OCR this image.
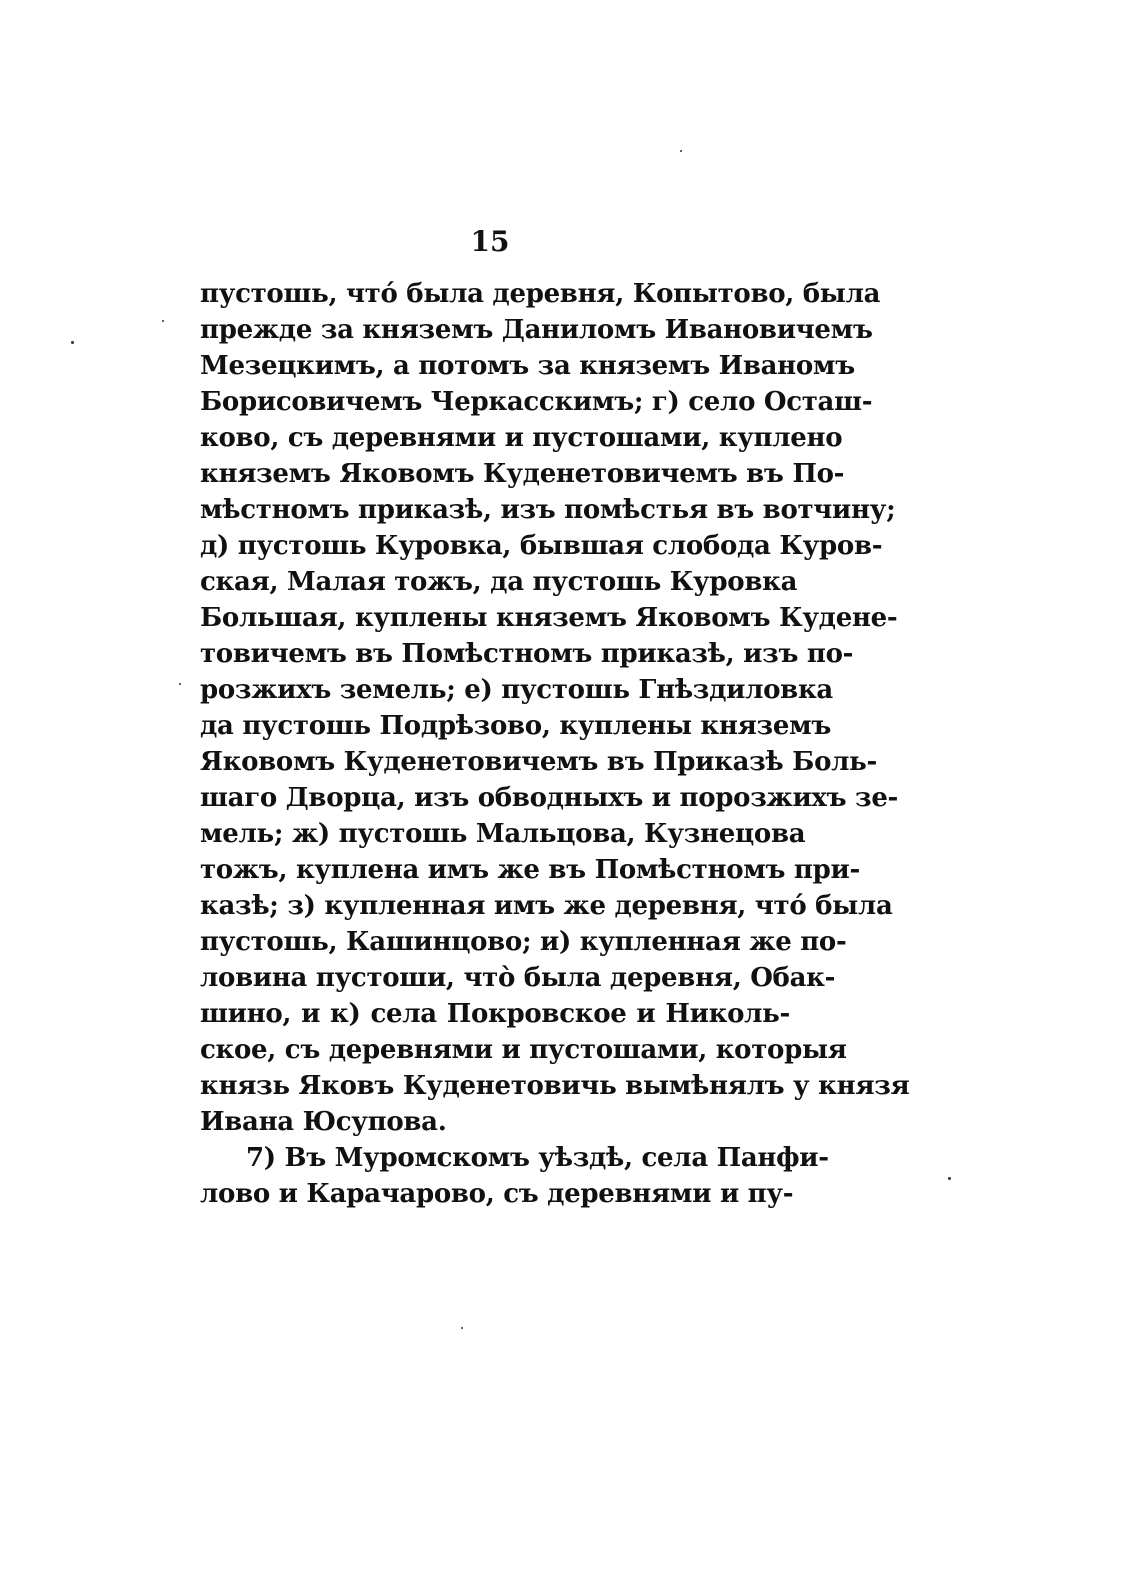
15
пустошь, чтó была деревня, Копытово, была
прежде за княземъ Даниломъ Ивановичемъ
Мезецкимъ, а потомъ за княземъ Иваномъ
Борисовичемъ Черкасскимъ; г) село Осташ-
ково, съ деревнями и пустошами, куплено
княземъ Яковомъ Куденетовичемъ въ По-
мѣстномъ приказѣ, изъ помѣстья въ вотчину;
д) пустошь Куровка, бывшая слобода Куров-
ская, Малая тожъ, да пустошь Куровка
Большая, куплены княземъ Яковомъ Кудене-
товичемъ въ Помѣстномъ приказѣ, изъ по-
розжихъ земель; е) пустошь Гнѣздиловка
да пустошь Подрѣзово, куплены княземъ
Яковомъ Куденетовичемъ въ Приказѣ Боль-
шаго Дворца, изъ обводныхъ и порозжихъ зе-
мель; ж) пустошь Мальцова, Кузнецова
тожъ, куплена имъ же въ Помѣстномъ при-
казѣ; з) купленная имъ же деревня, чтó была
пустошь, Кашинцово; и) купленная же по-
ловина пустоши, чтò была деревня, Обак-
шино, и к) села Покровское и Николь-
ское, съ деревнями и пустошами, которыя
князь Яковъ Куденетовичь вымѣнялъ у князя
Ивана Юсупова.
7) Въ Муромскомъ уѣздѣ, села Панфи-
лово и Карачарово, съ деревнями и пу-
